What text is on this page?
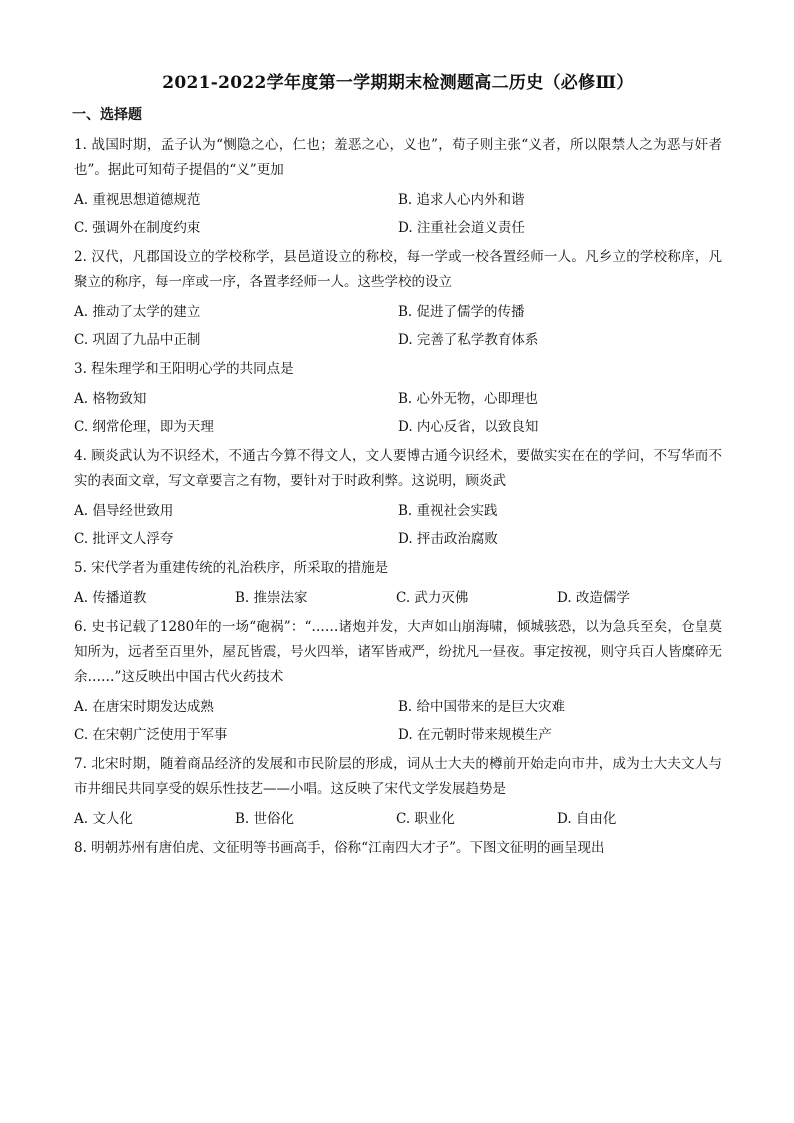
2021-2022学年度第一学期期末检测题高二历史（必修Ⅲ）
一、选择题

1. 战国时期，孟子认为“恻隐之心，仁也；羞恶之心，义也”，荀子则主张“义者，所以限禁人之为恶与奸者也”。据此可知荀子提倡的“义”更加

A. 重视思想道德规范	B. 追求人心内外和谐
C. 强调外在制度约束	D. 注重社会道义责任

2. 汉代，凡郡国设立的学校称学，县邑道设立的称校，每一学或一校各置经师一人。凡乡立的学校称庠，凡聚立的称序，每一庠或一序，各置孝经师一人。这些学校的设立

A. 推动了太学的建立	B. 促进了儒学的传播
C. 巩固了九品中正制	D. 完善了私学教育体系

3. 程朱理学和王阳明心学的共同点是

A. 格物致知	B. 心外无物，心即理也
C. 纲常伦理，即为天理	D. 内心反省，以致良知

4. 顾炎武认为不识经术，不通古今算不得文人，文人要博古通今识经术，要做实实在在的学问，不写华而不实的表面文章，写文章要言之有物，要针对于时政利弊。这说明，顾炎武

A. 倡导经世致用	B. 重视社会实践
C. 批评文人浮夸	D. 抨击政治腐败

5. 宋代学者为重建传统的礼治秩序，所采取的措施是

A. 传播道教	B. 推崇法家	C. 武力灭佛	D. 改造儒学

6. 史书记载了1280年的一场“砲祸”：“……诸炮并发，大声如山崩海啸，倾城骇恐，以为急兵至矣，仓皇莫知所为，远者至百里外，屋瓦皆震，号火四举，诸军皆戒严，纷扰凡一昼夜。事定按视，则守兵百人皆糜碎无余……”这反映出中国古代火药技术

A. 在唐宋时期发达成熟	B. 给中国带来的是巨大灾难
C. 在宋朝广泛使用于军事	D. 在元朝时带来规模生产

7. 北宋时期，随着商品经济的发展和市民阶层的形成，词从士大夫的樽前开始走向市井，成为士大夫文人与市井细民共同享受的娱乐性技艺——小唱。这反映了宋代文学发展趋势是

A. 文人化	B. 世俗化	C. 职业化	D. 自由化

8. 明朝苏州有唐伯虎、文征明等书画高手，俗称“江南四大才子”。下图文征明的画呈现出
